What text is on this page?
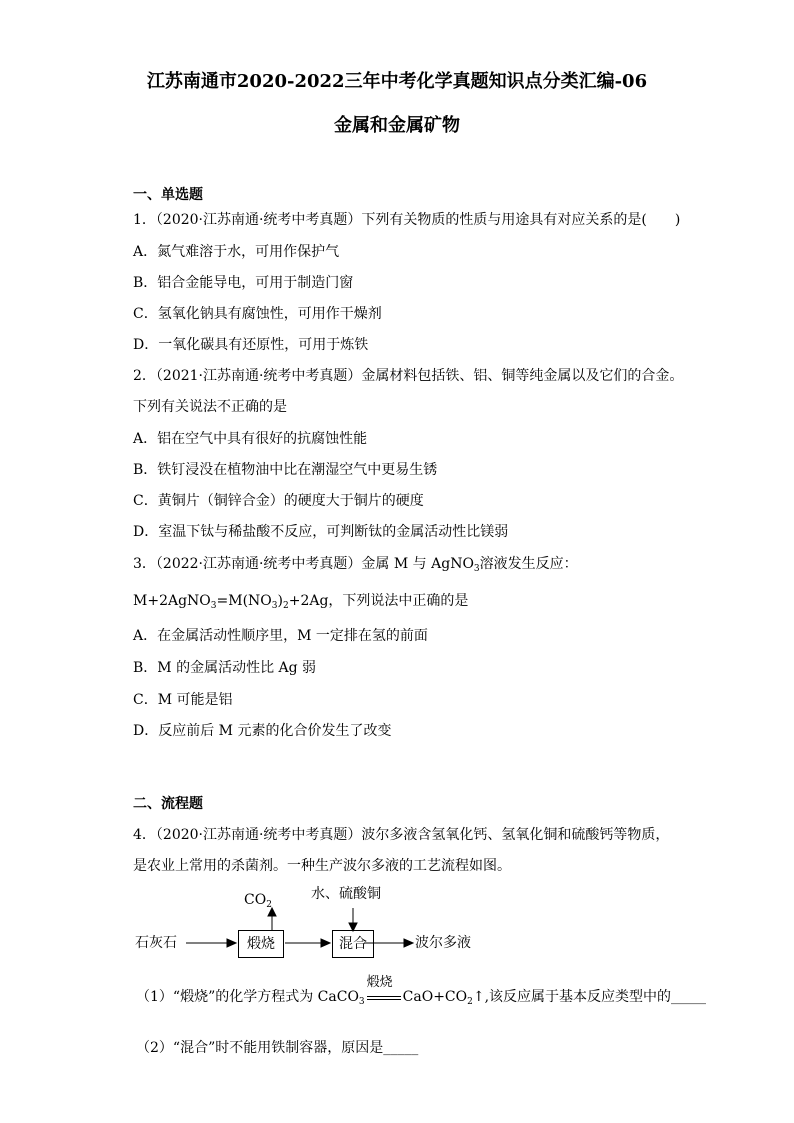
江苏南通市2020-2022三年中考化学真题知识点分类汇编-06
金属和金属矿物
一、单选题
1．（2020·江苏南通·统考中考真题）下列有关物质的性质与用途具有对应关系的是(　　)
A．氮气难溶于水，可用作保护气
B．铝合金能导电，可用于制造门窗
C．氢氧化钠具有腐蚀性，可用作干燥剂
D．一氧化碳具有还原性，可用于炼铁
2．（2021·江苏南通·统考中考真题）金属材料包括铁、铝、铜等纯金属以及它们的合金。
下列有关说法不正确的是
A．铝在空气中具有很好的抗腐蚀性能
B．铁钉浸没在植物油中比在潮湿空气中更易生锈
C．黄铜片（铜锌合金）的硬度大于铜片的硬度
D．室温下钛与稀盐酸不反应，可判断钛的金属活动性比镁弱
3．（2022·江苏南通·统考中考真题）金属 M 与 AgNO$_3$溶液发生反应：
$M+2AgNO_3=M(NO_3)_2+2Ag$，下列说法中正确的是
A．在金属活动性顺序里，M 一定排在氢的前面
B．M 的金属活动性比 Ag 弱
C．M 可能是铝
D．反应前后 M 元素的化合价发生了改变
二、流程题
4．（2020·江苏南通·统考中考真题）波尔多液含氢氧化钙、氢氧化铜和硫酸钙等物质，
是农业上常用的杀菌剂。一种生产波尔多液的工艺流程如图。
石灰石	煅烧
$CO_2$
水、硫酸铜
混合	波尔多液
（1）“煅烧”的化学方程式为 CaCO$_3$
煅烧
$CaO+CO_2↑$,该反应属于基本反应类型中的_____
（2）“混合”时不能用铁制容器，原因是_____
